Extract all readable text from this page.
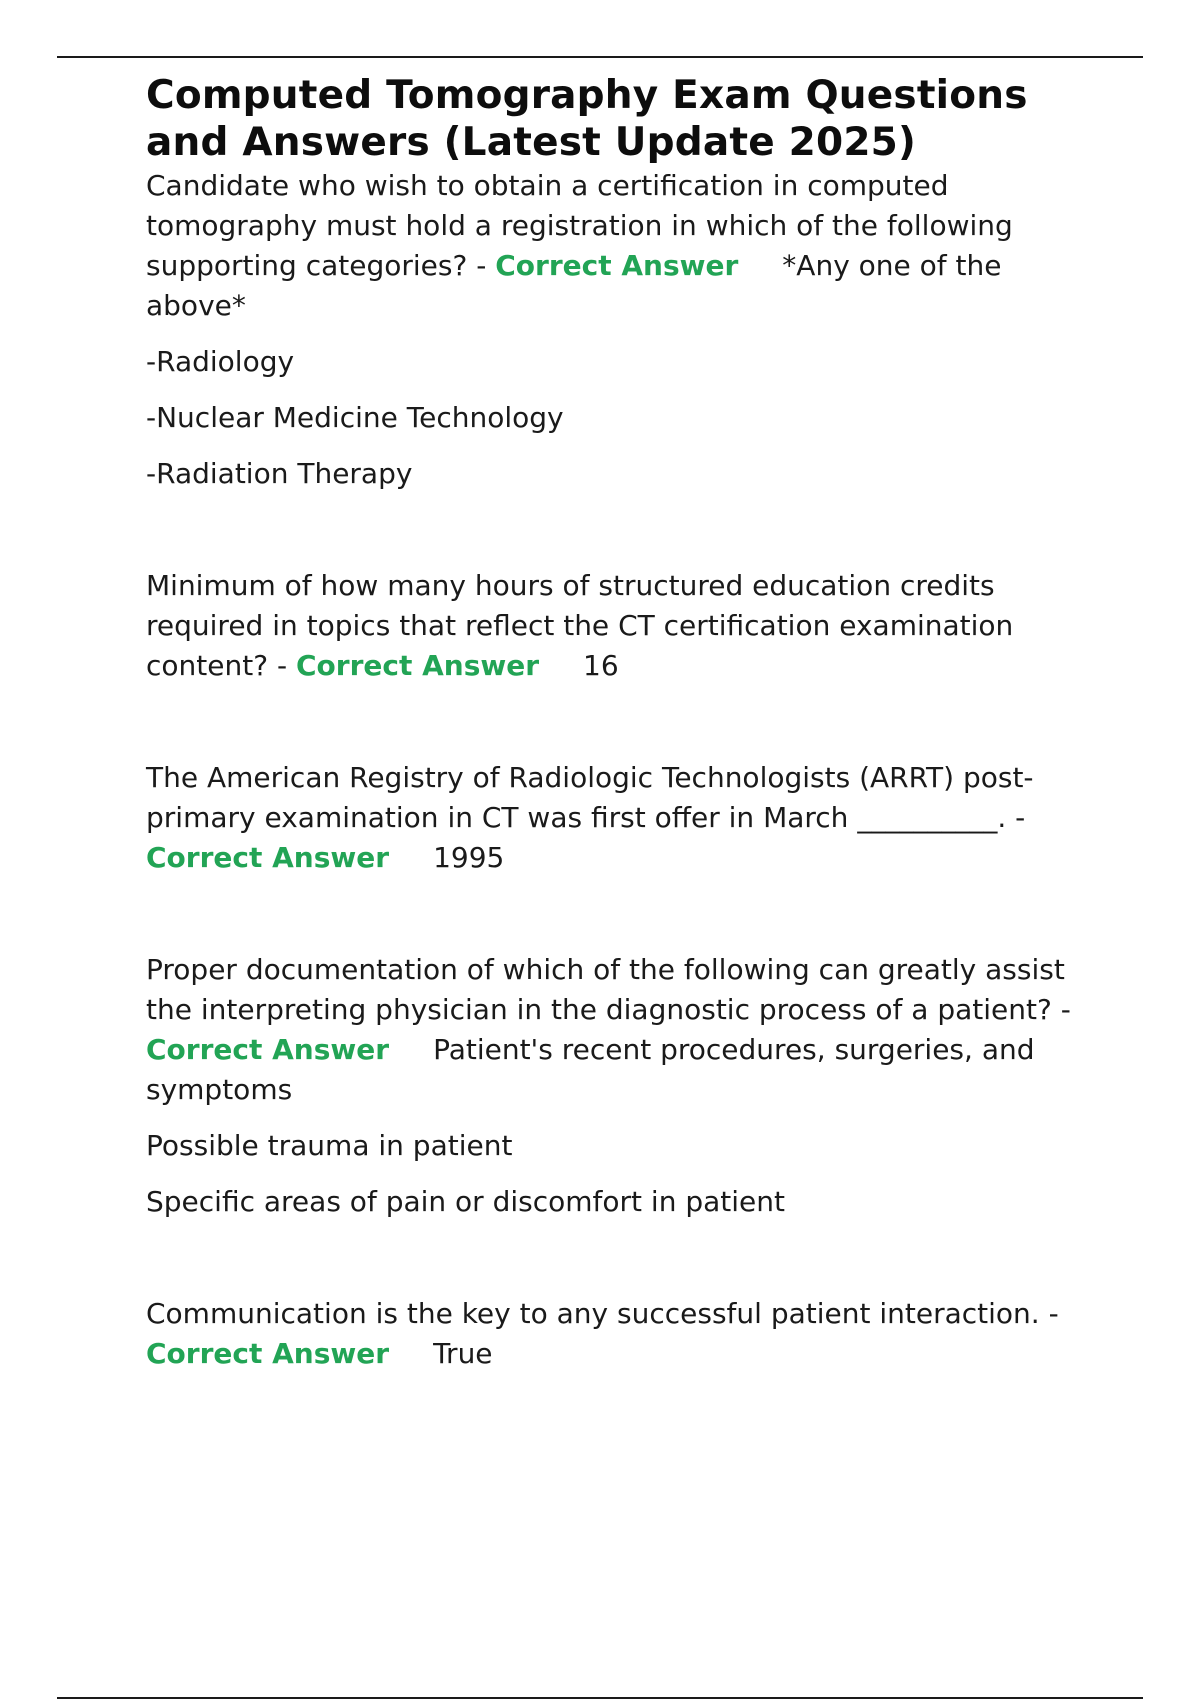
Computed Tomography Exam Questions and Answers (Latest Update 2025)

Candidate who wish to obtain a certification in computed tomography must hold a registration in which of the following supporting categories? - Correct Answer *Any one of the above*

-Radiology

-Nuclear Medicine Technology

-Radiation Therapy

Minimum of how many hours of structured education credits required in topics that reflect the CT certification examination content? - Correct Answer 16

The American Registry of Radiologic Technologists (ARRT) post-primary examination in CT was first offer in March __________. - Correct Answer 1995

Proper documentation of which of the following can greatly assist the interpreting physician in the diagnostic process of a patient? - Correct Answer Patient's recent procedures, surgeries, and symptoms

Possible trauma in patient

Specific areas of pain or discomfort in patient

Communication is the key to any successful patient interaction. - Correct Answer True
